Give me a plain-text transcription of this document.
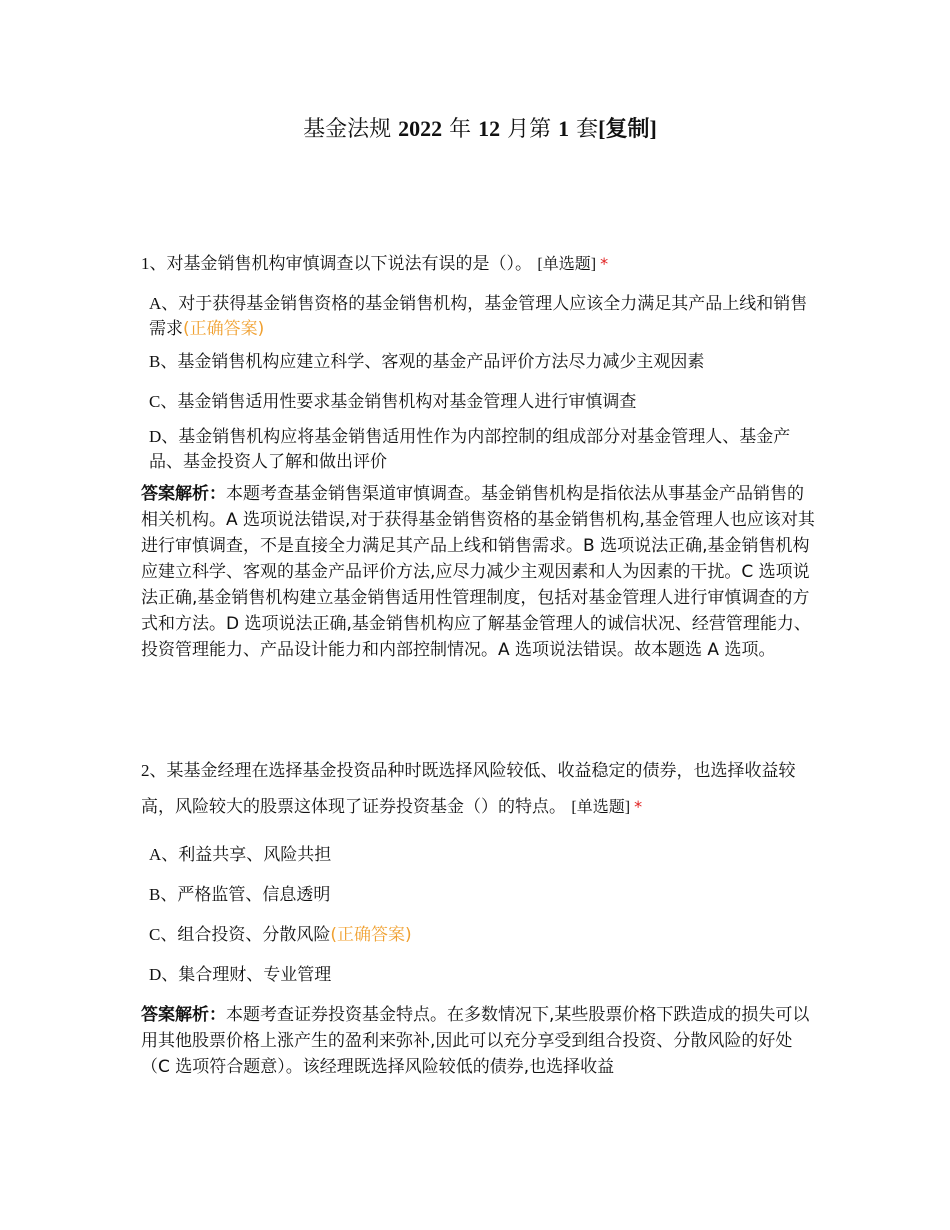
基金法规 2022 年 12 月第 1 套[复制]
1、对基金销售机构审慎调查以下说法有误的是（）。 [单选题] *
A、对于获得基金销售资格的基金销售机构，基金管理人应该全力满足其产品上线和销售需求(正确答案)
B、基金销售机构应建立科学、客观的基金产品评价方法尽力减少主观因素
C、基金销售适用性要求基金销售机构对基金管理人进行审慎调查
D、基金销售机构应将基金销售适用性作为内部控制的组成部分对基金管理人、基金产品、基金投资人了解和做出评价
答案解析：本题考查基金销售渠道审慎调查。基金销售机构是指依法从事基金产品销售的相关机构。A 选项说法错误,对于获得基金销售资格的基金销售机构,基金管理人也应该对其进行审慎调查，不是直接全力满足其产品上线和销售需求。B 选项说法正确,基金销售机构应建立科学、客观的基金产品评价方法,应尽力减少主观因素和人为因素的干扰。C 选项说法正确,基金销售机构建立基金销售适用性管理制度，包括对基金管理人进行审慎调查的方式和方法。D 选项说法正确,基金销售机构应了解基金管理人的诚信状况、经营管理能力、投资管理能力、产品设计能力和内部控制情况。A 选项说法错误。故本题选 A 选项。
2、某基金经理在选择基金投资品种时既选择风险较低、收益稳定的债券，也选择收益较高，风险较大的股票这体现了证券投资基金（）的特点。 [单选题] *
A、利益共享、风险共担
B、严格监管、信息透明
C、组合投资、分散风险(正确答案)
D、集合理财、专业管理
答案解析：本题考查证券投资基金特点。在多数情况下,某些股票价格下跌造成的损失可以用其他股票价格上涨产生的盈利来弥补,因此可以充分享受到组合投资、分散风险的好处（C 选项符合题意）。该经理既选择风险较低的债券,也选择收益
